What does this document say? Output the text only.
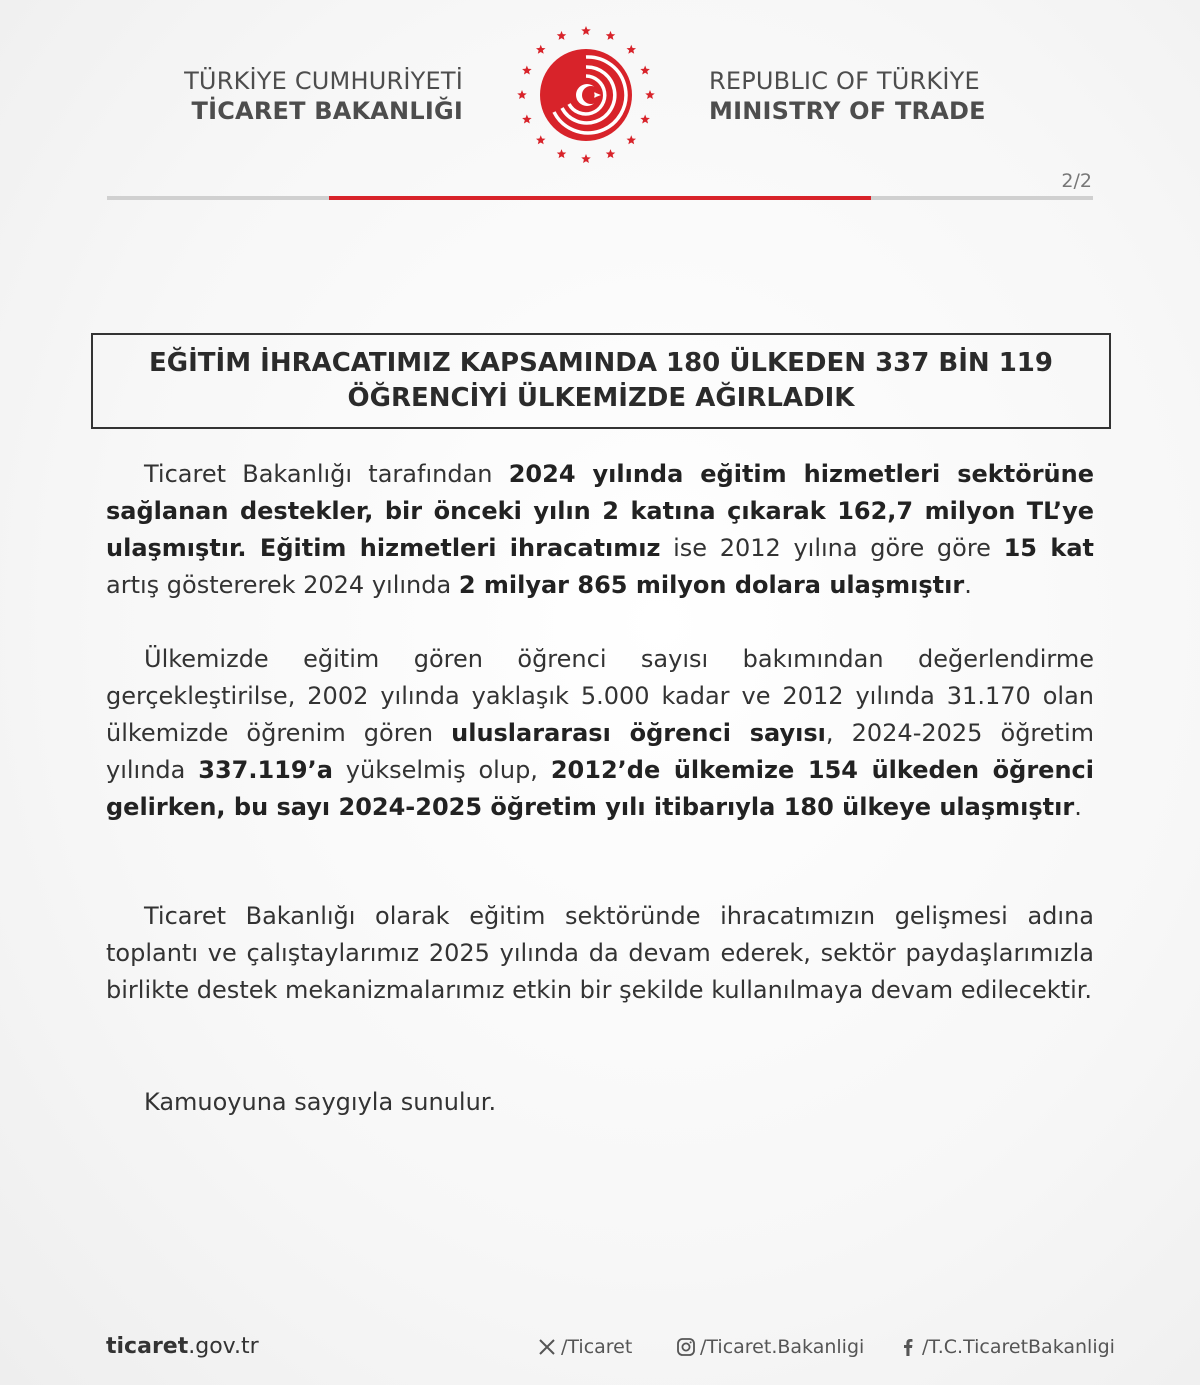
TÜRKİYE CUMHURİYETİ
TİCARET BAKANLIĞI
REPUBLIC OF TÜRKİYE
MINISTRY OF TRADE
2/2
EĞİTİM İHRACATIMIZ KAPSAMINDA 180 ÜLKEDEN 337 BİN 119
ÖĞRENCİYİ ÜLKEMİZDE AĞIRLADIK
Ticaret Bakanlığı tarafından 2024 yılında eğitim hizmetleri sektörüne sağlanan destekler, bir önceki yılın 2 katına çıkarak 162,7 milyon TL’ye ulaşmıştır. Eğitim hizmetleri ihracatımız ise 2012 yılına göre göre 15 kat artış göstererek 2024 yılında 2 milyar 865 milyon dolara ulaşmıştır.
Ülkemizde eğitim gören öğrenci sayısı bakımından değerlendirme gerçekleştirilse, 2002 yılında yaklaşık 5.000 kadar ve 2012 yılında 31.170 olan ülkemizde öğrenim gören uluslararası öğrenci sayısı, 2024-2025 öğretim yılında 337.119’a yükselmiş olup, 2012’de ülkemize 154 ülkeden öğrenci gelirken, bu sayı 2024-2025 öğretim yılı itibarıyla 180 ülkeye ulaşmıştır.
Ticaret Bakanlığı olarak eğitim sektöründe ihracatımızın gelişmesi adına toplantı ve çalıştaylarımız 2025 yılında da devam ederek, sektör paydaşlarımızla birlikte destek mekanizmalarımız etkin bir şekilde kullanılmaya devam edilecektir.
Kamuoyuna saygıyla sunulur.
ticaret.gov.tr	/Ticaret	/Ticaret.Bakanligi	/T.C.TicaretBakanligi
